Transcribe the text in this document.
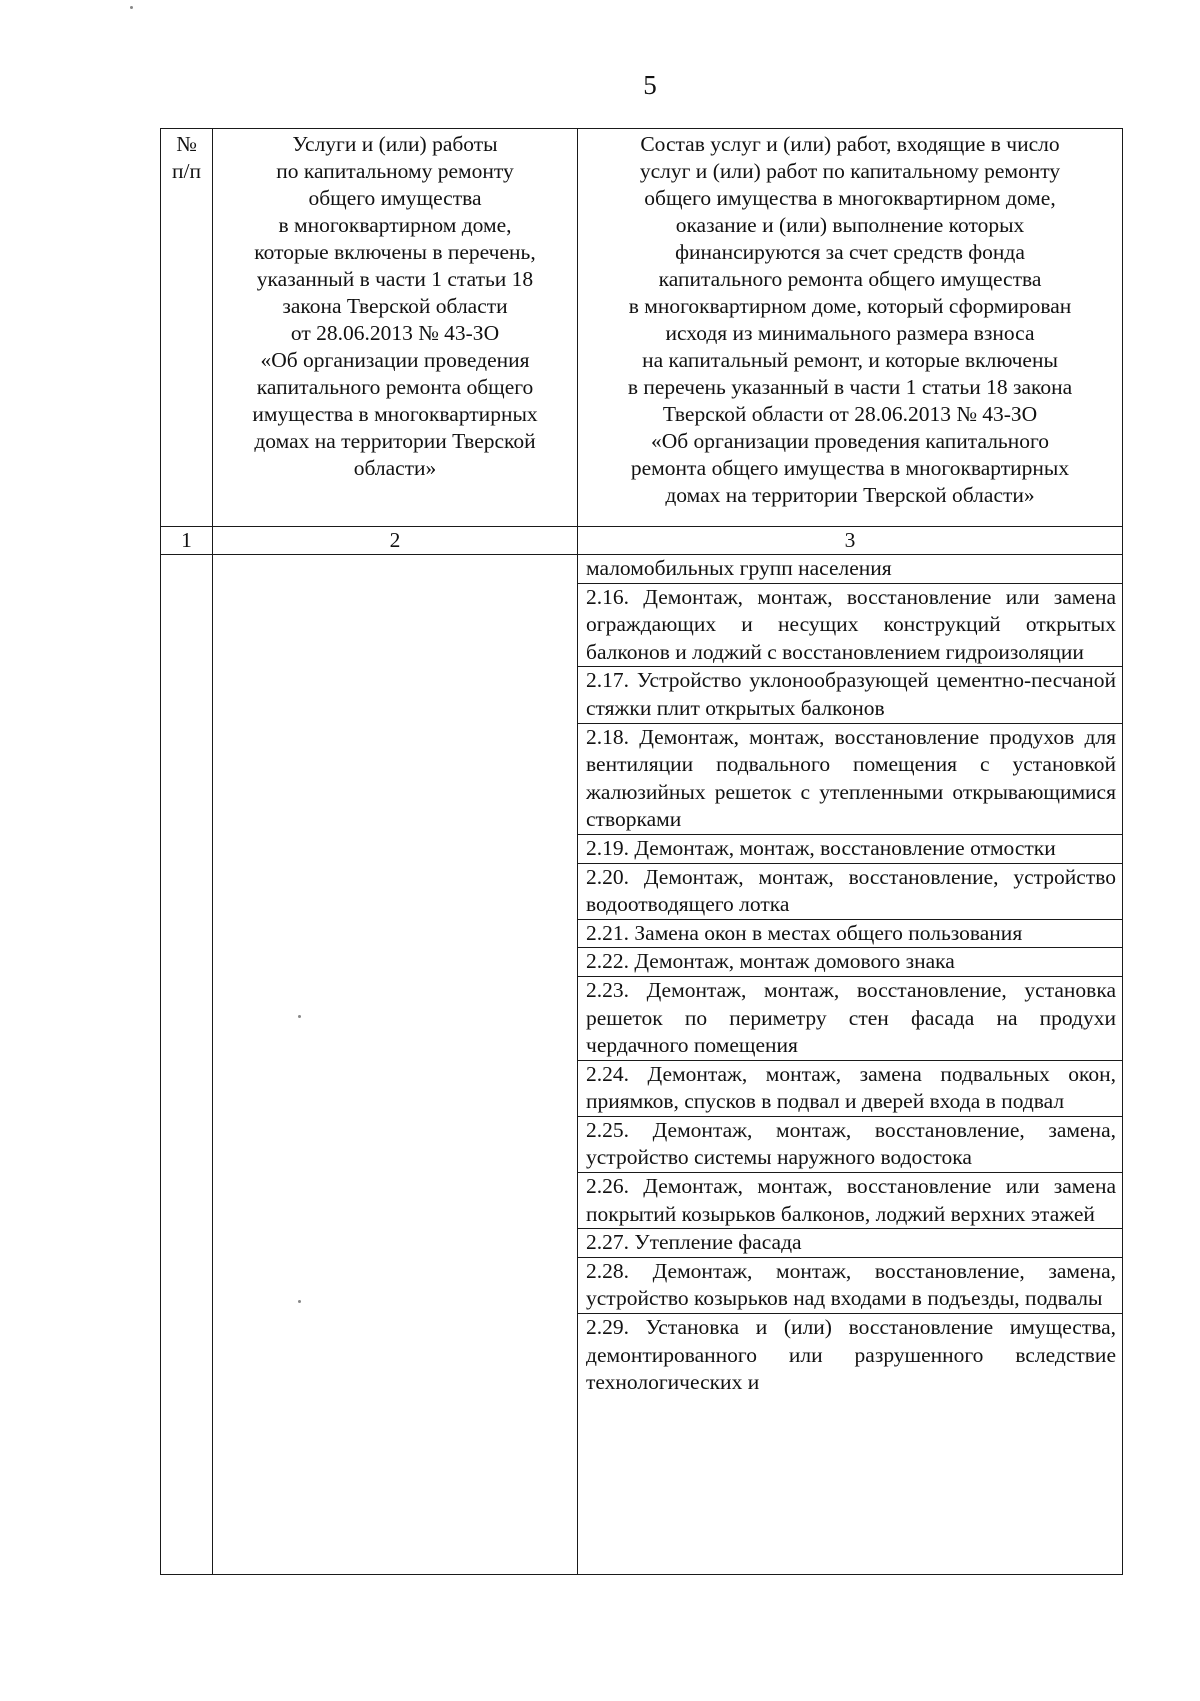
5
№
п/п

Услуги и (или) работы
по капитальному ремонту
общего имущества
в многоквартирном доме,
которые включены в перечень,
указанный в части 1 статьи 18
закона Тверской области
от 28.06.2013 № 43-ЗО
«Об организации проведения
капитального ремонта общего
имущества в многоквартирных
домах на территории Тверской
области»

Состав услуг и (или) работ, входящие в число
услуг и (или) работ по капитальному ремонту
общего имущества в многоквартирном доме,
оказание и (или) выполнение которых
финансируются за счет средств фонда
капитального ремонта общего имущества
в многоквартирном доме, который сформирован
исходя из минимального размера взноса
на капитальный ремонт, и которые включены
в перечень указанный в части 1 статьи 18 закона
Тверской области от 28.06.2013 № 43-ЗО
«Об организации проведения капитального
ремонта общего имущества в многоквартирных
домах на территории Тверской области»

1	2	3

маломобильных групп населения
2.16. Демонтаж, монтаж, восстановление или замена ограждающих и несущих конструкций открытых балконов и лоджий с восстановлением гидроизоляции
2.17. Устройство уклонообразующей цементно-песчаной стяжки плит открытых балконов
2.18. Демонтаж, монтаж, восстановление продухов для вентиляции подвального помещения с установкой жалюзийных решеток с утепленными открывающимися створками
2.19. Демонтаж, монтаж, восстановление отмостки
2.20. Демонтаж, монтаж, восстановление, устройство водоотводящего лотка
2.21. Замена окон в местах общего пользования
2.22. Демонтаж, монтаж домового знака
2.23. Демонтаж, монтаж, восстановление, установка решеток по периметру стен фасада на продухи чердачного помещения
2.24. Демонтаж, монтаж, замена подвальных окон, приямков, спусков в подвал и дверей входа в подвал
2.25. Демонтаж, монтаж, восстановление, замена, устройство системы наружного водостока
2.26. Демонтаж, монтаж, восстановление или замена покрытий козырьков балконов, лоджий верхних этажей
2.27. Утепление фасада
2.28. Демонтаж, монтаж, восстановление, замена, устройство козырьков над входами в подъезды, подвалы
2.29. Установка и (или) восстановление имущества, демонтированного или разрушенного вследствие технологических и
